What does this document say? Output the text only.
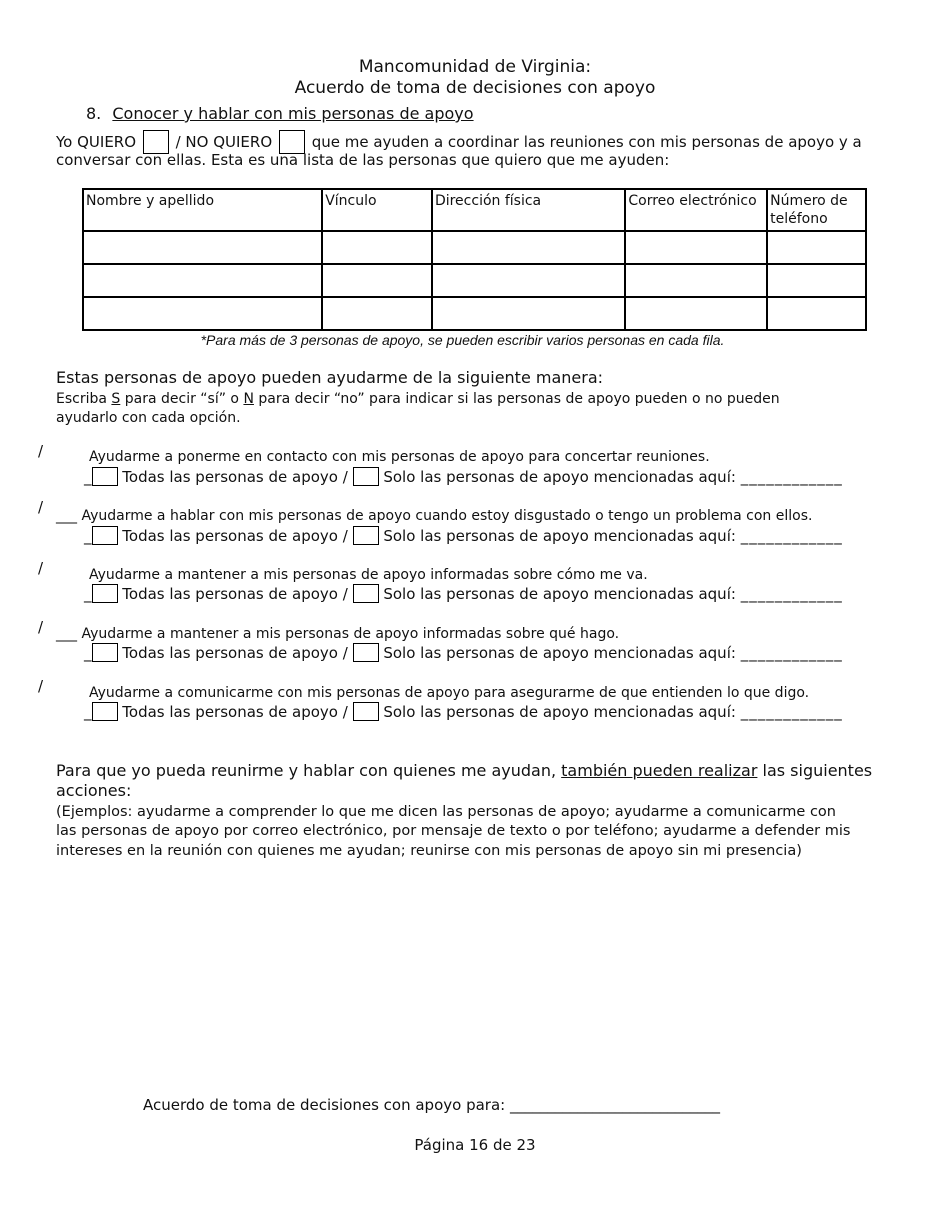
Mancomunidad de Virginia:
Acuerdo de toma de decisiones con apoyo
8. Conocer y hablar con mis personas de apoyo
Yo QUIERO	/ NO QUIERO	que me ayuden a coordinar las reuniones con mis personas de apoyo y a
conversar con ellas. Esta es una lista de las personas que quiero que me ayuden:
Nombre y apellido	Vínculo	Dirección física	Correo electrónico	Número de teléfono

*Para más de 3 personas de apoyo, se pueden escribir varios personas en cada fila.
Estas personas de apoyo pueden ayudarme de la siguiente manera:
Escriba S para decir “sí” o N para decir “no” para indicar si las personas de apoyo pueden o no pueden
ayudarlo con cada opción.
/	Ayudarme a ponerme en contacto con mis personas de apoyo para concertar reuniones.
_ Todas las personas de apoyo / Solo las personas de apoyo mencionadas aquí: ____________
/ ___ Ayudarme a hablar con mis personas de apoyo cuando estoy disgustado o tengo un problema con ellos.
_ Todas las personas de apoyo / Solo las personas de apoyo mencionadas aquí: ____________
/	Ayudarme a mantener a mis personas de apoyo informadas sobre cómo me va.
_ Todas las personas de apoyo / Solo las personas de apoyo mencionadas aquí: ____________
/ ___ Ayudarme a mantener a mis personas de apoyo informadas sobre qué hago.
_ Todas las personas de apoyo / Solo las personas de apoyo mencionadas aquí: ____________
/	Ayudarme a comunicarme con mis personas de apoyo para asegurarme de que entienden lo que digo.
_ Todas las personas de apoyo / Solo las personas de apoyo mencionadas aquí: ____________
Para que yo pueda reunirme y hablar con quienes me ayudan, también pueden realizar las siguientes
acciones:
(Ejemplos: ayudarme a comprender lo que me dicen las personas de apoyo; ayudarme a comunicarme con
las personas de apoyo por correo electrónico, por mensaje de texto o por teléfono; ayudarme a defender mis
intereses en la reunión con quienes me ayudan; reunirse con mis personas de apoyo sin mi presencia)
Acuerdo de toma de decisiones con apoyo para: ____________________________
Página 16 de 23
